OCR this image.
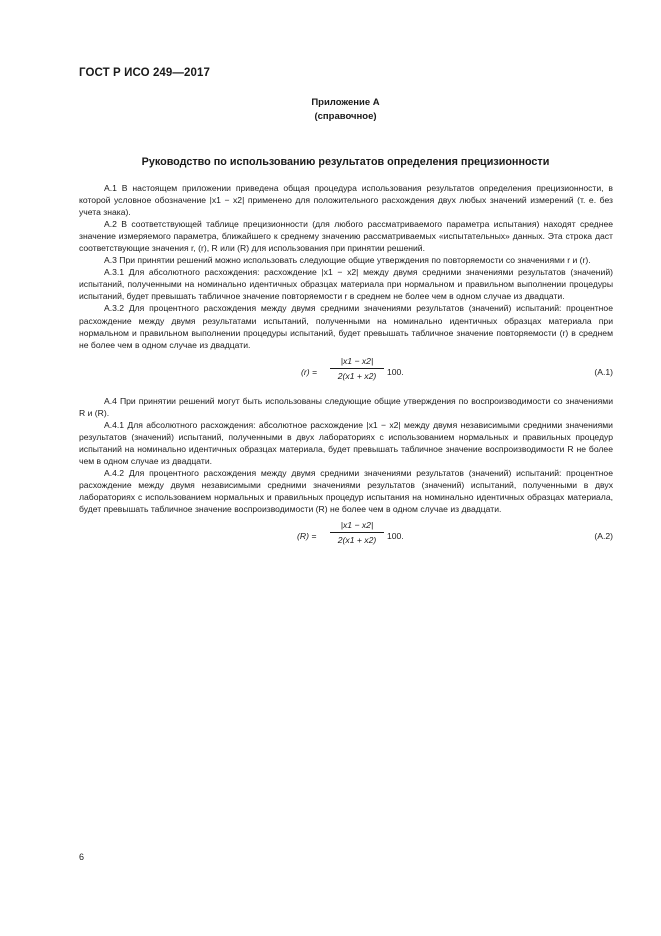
ГОСТ Р ИСО 249—2017
Приложение А
(справочное)
Руководство по использованию результатов определения прецизионности

А.1 В настоящем приложении приведена общая процедура использования результатов определения прецизионности, в которой условное обозначение |x1 − x2| применено для положительного расхождения двух любых значений измерений (т. е. без учета знака).

А.2 В соответствующей таблице прецизионности (для любого рассматриваемого параметра испытания) находят среднее значение измеряемого параметра, ближайшего к среднему значению рассматриваемых «испытательных» данных. Эта строка даст соответствующие значения r, (r), R или (R) для использования при принятии решений.

А.3 При принятии решений можно использовать следующие общие утверждения по повторяемости со значениями r и (r).

А.3.1 Для абсолютного расхождения: расхождение |x1 − x2| между двумя средними значениями результатов (значений) испытаний, полученными на номинально идентичных образцах материала при нормальном и правильном выполнении процедуры испытаний, будет превышать табличное значение повторяемости r в среднем не более чем в одном случае из двадцати.

А.3.2 Для процентного расхождения между двумя средними значениями результатов (значений) испытаний: процентное расхождение между двумя результатами испытаний, полученными на номинально идентичных образцах материала при нормальном и правильном выполнении процедуры испытаний, будет превышать табличное значение повторяемости (r) в среднем не более чем в одном случае из двадцати.

$(r) = \frac{|x1 - x2|}{2(x1 + x2)} 100$.	(А.1)

А.4 При принятии решений могут быть использованы следующие общие утверждения по воспроизводимости со значениями R и (R).

А.4.1 Для абсолютного расхождения: абсолютное расхождение |x1 − x2| между двумя независимыми средними значениями результатов (значений) испытаний, полученными в двух лабораториях с использованием нормальных и правильных процедур испытаний на номинально идентичных образцах материала, будет превышать табличное значение воспроизводимости R не более чем в одном случае из двадцати.

А.4.2 Для процентного расхождения между двумя средними значениями результатов (значений) испытаний: процентное расхождение между двумя независимыми средними значениями результатов (значений) испытаний, полученными в двух лабораториях с использованием нормальных и правильных процедур испытания на номинально идентичных образцах материала, будет превышать табличное значение воспроизводимости (R) не более чем в одном случае из двадцати.

$(R) = \frac{|x1 - x2|}{2(x1 + x2)} 100$.	(А.2)
6
